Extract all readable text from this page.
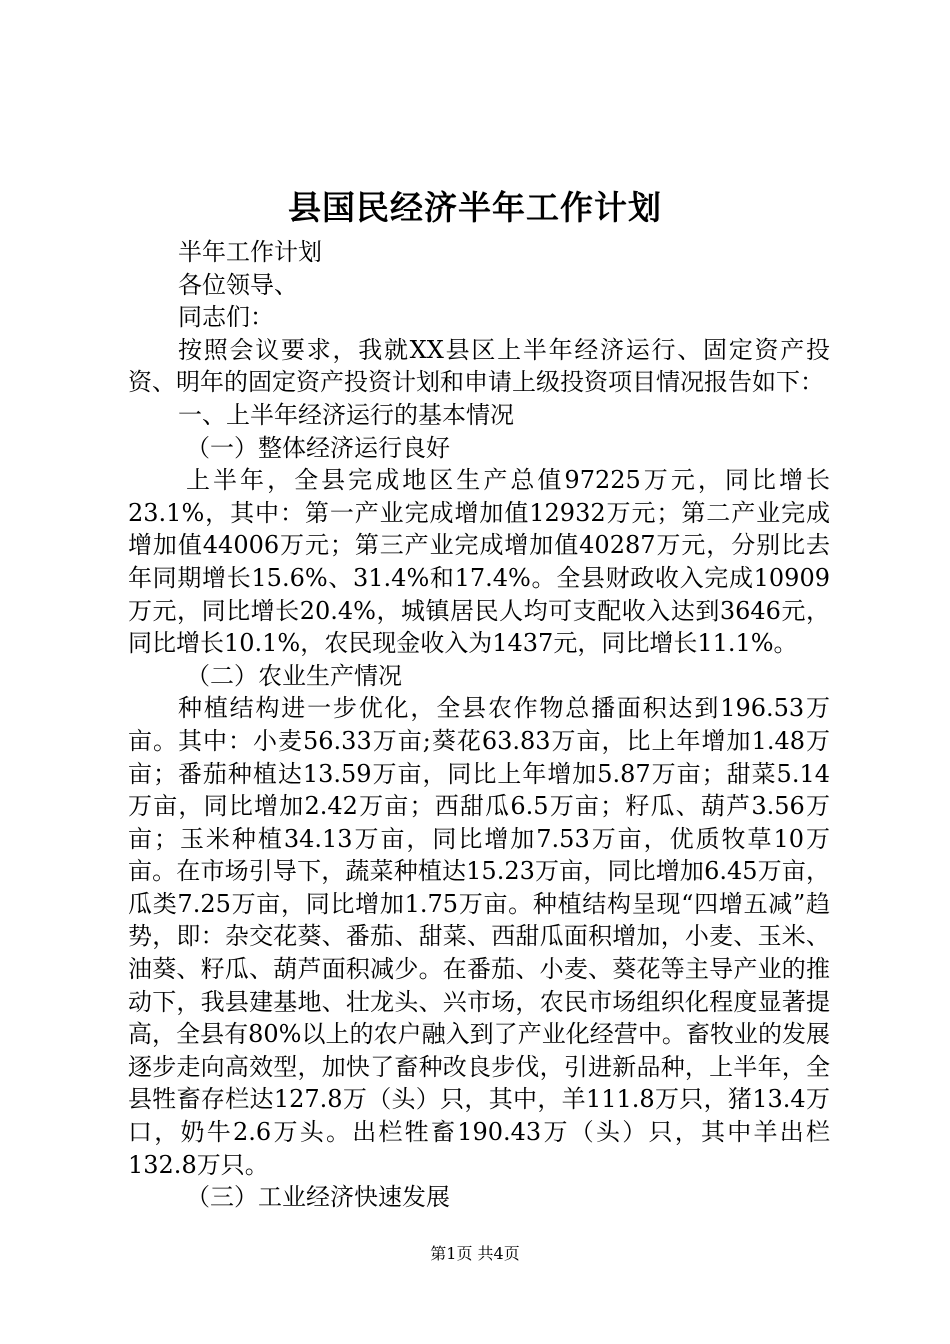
县国民经济半年工作计划

半年工作计划

各位领导、

同志们：

按照会议要求，我就XX县区上半年经济运行、固定资产投资、明年的固定资产投资计划和申请上级投资项目情况报告如下：

一、上半年经济运行的基本情况

（一）整体经济运行良好

上半年，全县完成地区生产总值97225万元，同比增长23.1%，其中：第一产业完成增加值12932万元；第二产业完成增加值44006万元；第三产业完成增加值40287万元，分别比去年同期增长15.6%、31.4%和17.4%。全县财政收入完成10909万元，同比增长20.4%，城镇居民人均可支配收入达到3646元，同比增长10.1%，农民现金收入为1437元，同比增长11.1%。

（二）农业生产情况

种植结构进一步优化，全县农作物总播面积达到196.53万亩。其中：小麦56.33万亩;葵花63.83万亩，比上年增加1.48万亩；番茄种植达13.59万亩，同比上年增加5.87万亩；甜菜5.14万亩，同比增加2.42万亩；西甜瓜6.5万亩；籽瓜、葫芦3.56万亩；玉米种植34.13万亩，同比增加7.53万亩，优质牧草10万亩。在市场引导下，蔬菜种植达15.23万亩，同比增加6.45万亩，瓜类7.25万亩，同比增加1.75万亩。种植结构呈现“四增五减”趋势，即：杂交花葵、番茄、甜菜、西甜瓜面积增加，小麦、玉米、油葵、籽瓜、葫芦面积减少。在番茄、小麦、葵花等主导产业的推动下，我县建基地、壮龙头、兴市场，农民市场组织化程度显著提高，全县有80%以上的农户融入到了产业化经营中。畜牧业的发展逐步走向高效型，加快了畜种改良步伐，引进新品种，上半年，全县牲畜存栏达127.8万（头）只，其中，羊111.8万只，猪13.4万口，奶牛2.6万头。出栏牲畜190.43万（头）只，其中羊出栏132.8万只。

（三）工业经济快速发展

第1页 共4页
